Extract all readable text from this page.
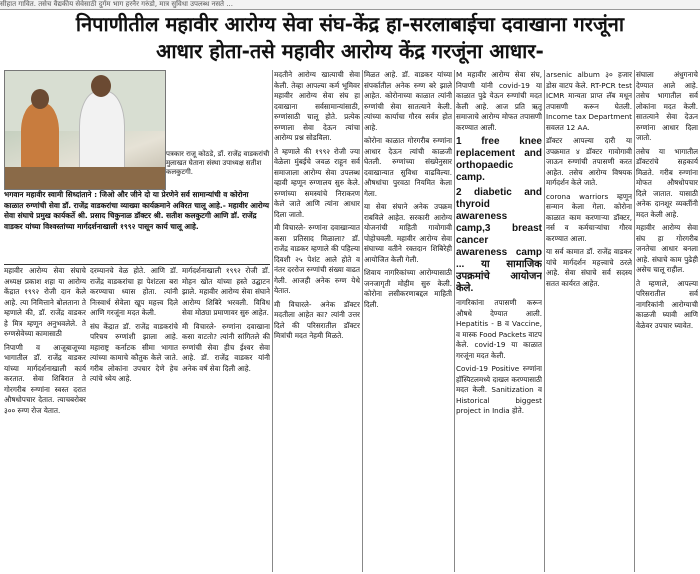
सीहात गावित. तसेच वैद्यकीय सेवेसाठी दुर्गम भाग हरनैर गरुंडो, मात्र सुविधा उपलब्ध नसते ...
निपाणीतील महावीर आरोग्य सेवा संघ-केंद्र हा-सरलाबाईचा दवाखाना गरजूंना
आधार होता-तसे महावीर आरोग्य केंद्र गरजूंना आधार-
पत्रकार राजू कोठडे, डॉ. राजेंद्र वाडकरांची मुलाखत घेताना संस्था उपाध्यक्ष सतीश कलकुटगी.
भगवान महावीर स्वामी सिध्दांताने : जिओ और जीने दो या प्रेरणेने सर्व सामान्यांची व कोरोना काळात रुग्णांची सेवा डॉ. राजेंद्र वाडकरांचा व्याख्या कार्यक्रमाने अविरत चालू आहे.- महावीर आरोग्य सेवा संघाचे प्रमुख कार्यकर्ते श्री. प्रसाद चिकुनाळ डॉक्टर श्री. सतीश कलकुटगी आणि डॉ. राजेंद्र वाडकर यांच्या विश्वस्तांच्या मार्गदर्शनाखाली १९९२ पासून कार्य चालू आहे.

महावीर आरोग्य सेवा संघाचे अध्यक्ष प्रकाश शहा या आरोग्य केंद्रात १९९२ रोजी दान केले आहे. त्या निमित्ताने बोलताना ते म्हणाले की, डॉ. राजेंद्र वाडकर हे मित्र म्हणून अनुभवलेले. ते रुग्णसेवेच्या कामासाठी

निपाणी व आजूबाजूच्या भागातील डॉ. राजेंद्र वाडकर यांच्या मार्गदर्शनाखाली कार्य करतात. सेवा शिबिरात ते गोरगरीब रुग्णांना स्वस्त दरात औषधोपचार देतात. त्याचबरोबर ३०० रुग्ण रोज येतात.

दरम्यानचे वेळ होते. आणि डॉ. राजेंद्र वाडकरांचा हा पेशंटला बरा करण्याचा ध्यास होता. त्यांनी निःस्वार्थ सेवेला खूप महत्त्व दिले आणि गरजूंना मदत केली.

संघ केंद्रात डॉ. राजेंद्र वाडकरांचे परिचय रुग्णांशी झाला आहे. महाराष्ट्र कर्नाटक सीमा भागात त्यांच्या कामाचे कौतुक केले जाते. गरीब लोकांना उपचार देणे हेच त्यांचे ध्येय आहे.

मार्गदर्शनाखाली १९९२ रोजी डॉ. मोहन खोत यांच्या हस्ते उद्घाटन झाले. महावीर आरोग्य सेवा संघाने आरोग्य शिबिरे भरवली. विविध सेवा मोठ्या प्रमाणावर सुरु आहेत.

मी विचारले- रुग्णांना दवाखाना कसा वाटतो? त्यांनी सांगितले की रुग्णांची सेवा हीच ईश्वर सेवा आहे. डॉ. राजेंद्र वाडकर यांनी अनेक वर्ष सेवा दिली आहे.

मदतीने आरोग्य खात्याची सेवा केली. तेव्हा आपल्या कर्म भूमिवर महावीर आरोग्य सेवा संघ हा दवाखाना सर्वसामान्यांसाठी, रुग्णांसाठी चालू होते. प्रत्येक रुग्णाला सेवा देऊन त्यांचा आरोग्य प्रश्न सोडविला.

ते म्हणाले की १९९२ रोजी ज्या वेळेला मुंबईचे जवळ राहून सर्व समाजाला आरोग्य सेवा उपलब्ध व्हावी म्हणून रुग्णालय सुरु केले. रुग्णांच्या समस्यांचे निराकरण केले जाते आणि त्यांना आधार दिला जातो.

मी विचारले- रुग्णांना दवाखान्यात कसा प्रतिसाद मिळाला? डॉ. राजेंद्र वाडकर म्हणाले की पहिल्या दिवशी २५ पेशंट आले होते व नंतर दररोज रुग्णांची संख्या वाढत गेली. आजही अनेक रुग्ण येथे येतात.

मी विचारले- अनेक डॉक्टर मदतीला आहेत का? त्यांनी उत्तर दिले की परिसरातील डॉक्टर मित्रांची मदत नेहमी मिळते.

मिळत आहे. डॉ. वाडकर यांच्या संपर्कातील अनेक रुग्ण बरे झाले आहेत. कोरोनाच्या काळात त्यांनी रुग्णांची सेवा सातत्याने केली. त्यांच्या कार्याचा गौरव सर्वत्र होत आहे.

कोरोना काळात गोरगरीब रुग्णांना आधार देऊन त्यांची काळजी घेतली. रुग्णांच्या संख्येनुसार दवाखान्यात सुविधा वाढविल्या. औषधांचा पुरवठा नियमित केला गेला.

या सेवा संघाने अनेक उपक्रम राबविले आहेत. सरकारी आरोग्य योजनांची माहिती गावोगावी पोहोचवली. महावीर आरोग्य सेवा संघाच्या वतीने रक्तदान शिबिरेही आयोजित केली गेली.

शिवाय नागरिकांच्या आरोग्यासाठी जनजागृती मोहीम सुरु केली. कोरोना लसीकरणाबद्दल माहिती दिली.

M महावीर आरोग्य सेवा संघ, निपाणी यांनी covid-19 या काळात पुढे येऊन रुग्णांची मदत केली आहे. आज प्रति ऋतू समाजाचे आरोग्य मोफत तपासणी करण्यात आली.

1 free knee replacement and orthopaedic camp.

2 diabetic and thyroid awareness camp,3 breast cancer awareness camp ... या सामाजिक उपक्रमांचे आयोजन केले.

नागरिकांना तपासणी करून औषधे देण्यात आली. Hepatitis - B व Vaccine, व मास्क Food Packets वाटप केले. covid-19 या काळात गरजूंना मदत केली.

Covid-19 Positive रुग्णांना हॉस्पिटलमध्ये दाखल करण्यासाठी मदत केली. Sanitization व Historical biggest project in India होते.

arsenic album ३० हजार डोस वाटप केले. RT-PCR test ICMR मान्यता प्राप्त लॅब मधून तपासणी करून घेतली. Income tax Department सवलत 12 AA.

डॉक्टर आपल्या दारी या उपक्रमात ४ डॉक्टर गावोगावी जाऊन रुग्णांची तपासणी करत आहेत. तसेच आरोग्य विषयक मार्गदर्शन केले जाते.

corona warriors म्हणून सन्मान केला गेला. कोरोना काळात काम करणाऱ्या डॉक्टर, नर्स व कर्मचाऱ्यांचा गौरव करण्यात आला.

या सर्व कामात डॉ. राजेंद्र वाडकर यांचे मार्गदर्शन महत्त्वाचे ठरले आहे. सेवा संघाचे सर्व सदस्य सतत कार्यरत आहेत.

संघाला अंधुगनाचे देण्यात आले आहे. तसेच भागातील सर्व लोकांना मदत केली. सातत्याने सेवा देऊन रुग्णांना आधार दिला जातो.

तसेच या भागातील डॉक्टरांचे सहकार्य मिळते. गरीब रुग्णांना मोफत औषधोपचार दिले जातात. यासाठी अनेक दानशूर व्यक्तींनी मदत केली आहे.

महावीर आरोग्य सेवा संघ हा गोरगरीब जनतेचा आधार बनला आहे. संघाचे काम पुढेही असेच चालू राहील.

ते म्हणाले, आपल्या परिसरातील सर्व नागरिकांनी आरोग्याची काळजी घ्यावी आणि वेळेवर उपचार घ्यावेत.
